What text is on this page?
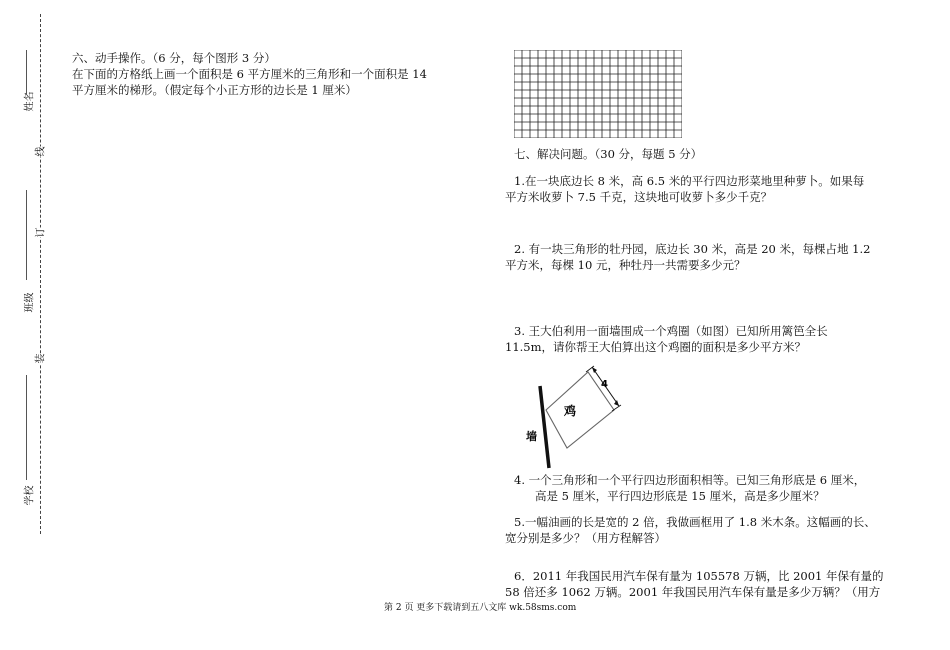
姓名
班级
学校
线
订
装
六、动手操作。（6 分，每个图形 3 分）
在下面的方格纸上画一个面积是 6 平方厘米的三角形和一个面积是 14
平方厘米的梯形。（假定每个小正方形的边长是 1 厘米）
七、解决问题。（30 分，每题 5 分）
1.在一块底边长 8 米，高 6.5 米的平行四边形菜地里种萝卜。如果每
平方米收萝卜 7.5 千克，这块地可收萝卜多少千克？
2. 有一块三角形的牡丹园，底边长 30 米，高是 20 米，每棵占地 1.2
平方米，每棵 10 元，种牡丹一共需要多少元？
3. 王大伯利用一面墙围成一个鸡圈（如图）已知所用篱笆全长
11.5m，请你帮王大伯算出这个鸡圈的面积是多少平方米？
4
鸡
墙
4. 一个三角形和一个平行四边形面积相等。已知三角形底是 6 厘米，
高是 5 厘米，平行四边形底是 15 厘米，高是多少厘米？
5.一幅油画的长是宽的 2 倍，我做画框用了 1.8 米木条。这幅画的长、
宽分别是多少？（用方程解答）
6．2011 年我国民用汽车保有量为 105578 万辆，比 2001 年保有量的
58 倍还多 1062 万辆。2001 年我国民用汽车保有量是多少万辆？（用方
第 2 页 更多下载请到五八文库 wk.58sms.com
